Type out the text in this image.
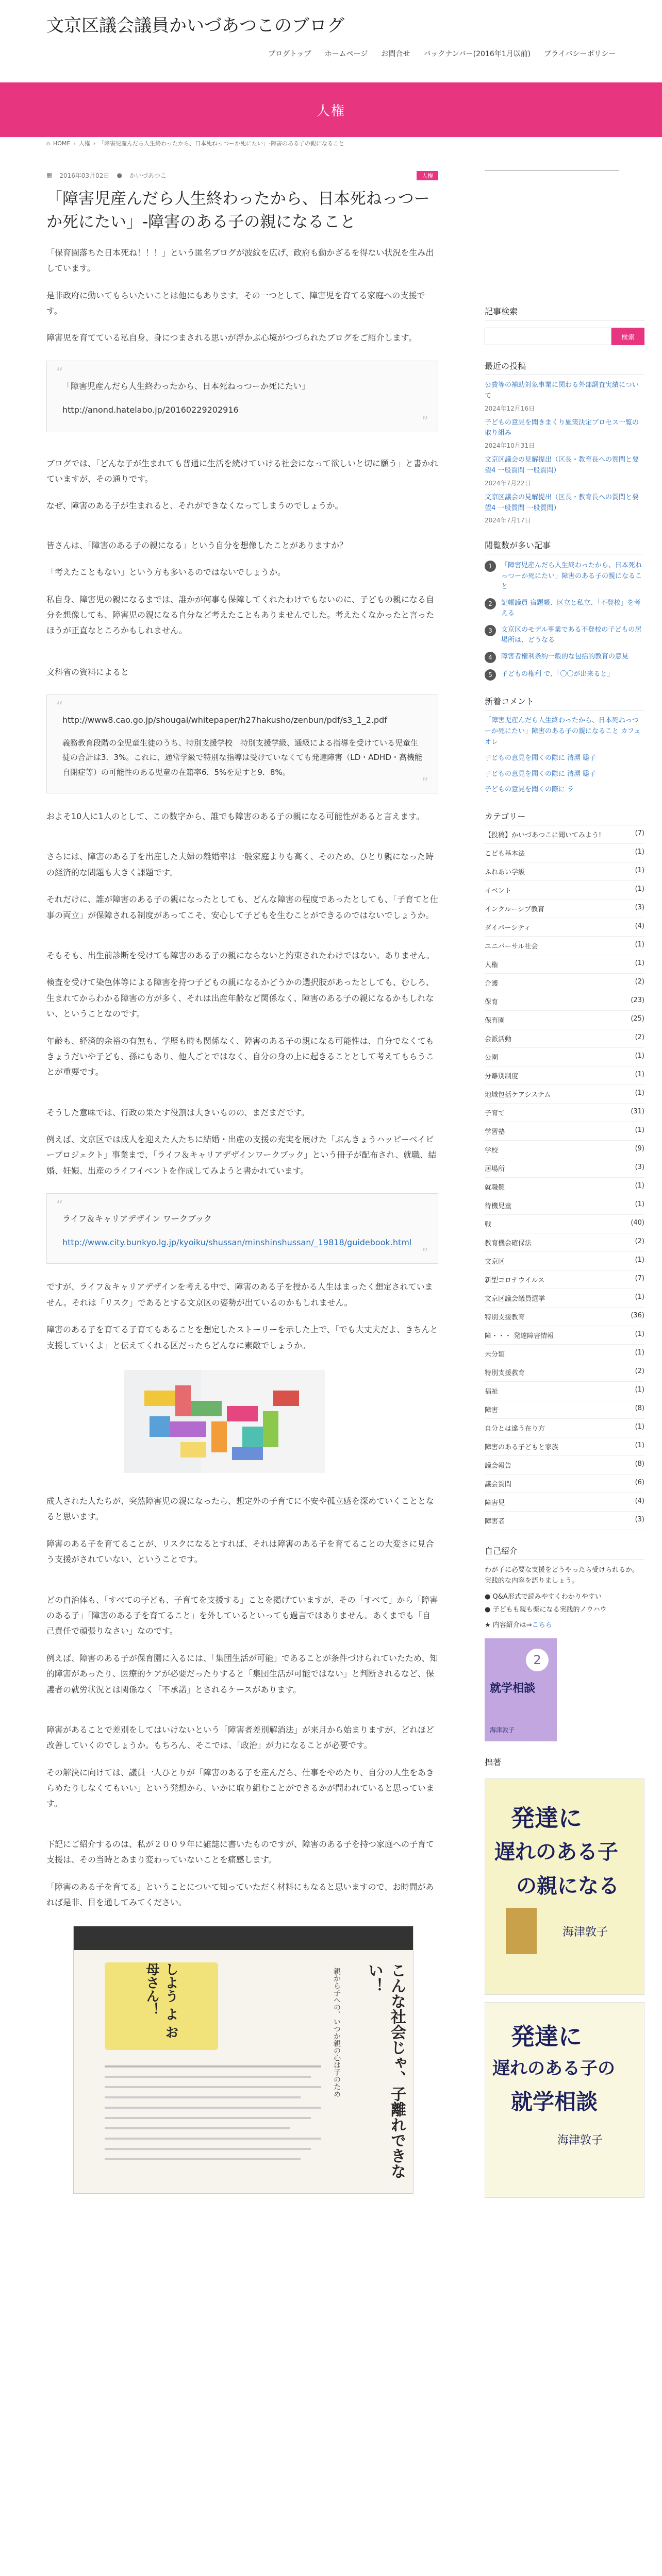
文京区議会議員かいづあつこのブログ
ブログトップ ホームページ お問合せ バックナンバー(2016年1月以前) プライバシーポリシー
人権
⌂ HOME › 人権 › 「障害児産んだら人生終わったから、日本死ねっつーか死にたい」-障害のある子の親になること
▦ 2016年03月02日 ● かいづあつこ	人権
「障害児産んだら人生終わったから、日本死ねっつーか死にたい」-障害のある子の親になること

「保育園落ちた日本死ね！！！」という匿名ブログが波紋を広げ、政府も動かざるを得ない状況を生み出しています。

是非政府に動いてもらいたいことは他にもあります。その一つとして、障害児を育てる家庭への支援です。

障害児を育てている私自身、身につまされる思いが浮かぶ心境がつづられたブログをご紹介します。

“
「障害児産んだら人生終わったから、日本死ねっつーか死にたい」
http://anond.hatelabo.jp/20160229202916
”

ブログでは、「どんな子が生まれても普通に生活を続けていける社会になって欲しいと切に願う」と書かれていますが、その通りです。

なぜ、障害のある子が生まれると、それができなくなってしまうのでしょうか。

皆さんは、「障害のある子の親になる」という自分を想像したことがありますか？

「考えたこともない」という方も多いるのではないでしょうか。

私自身、障害児の親になるまでは、誰かが何事も保障してくれたわけでもないのに、子どもの親になる自分を想像しても、障害児の親になる自分など考えたこともありませんでした。考えたくなかったと言ったほうが正直なところかもしれません。

文科省の資料によると

“
http://www8.cao.go.jp/shougai/whitepaper/h27hakusho/zenbun/pdf/s3_1_2.pdf
義務教育段階の全児童生徒のうち、特別支援学校　特別支援学級、通級による指導を受けている児童生徒の合計は3．3%。これに、通常学級で特別な指導は受けていなくても発達障害（LD・ADHD・高機能自閉症等）の可能性のある児童の在籍率6．5%を足すと9．8%。
”

およそ10人に1人のとして、この数字から、誰でも障害のある子の親になる可能性があると言えます。

さらには、障害のある子を出産した夫婦の離婚率は一般家庭よりも高く、そのため、ひとり親になった時の経済的な問題も大きく課題です。

それだけに、誰が障害のある子の親になったとしても、どんな障害の程度であったとしても、「子育てと仕事の両立」が保障される制度があってこそ、安心して子どもを生むことができるのではないでしょうか。

そもそも、出生前診断を受けても障害のある子の親にならないと約束されたわけではない。ありません。

検査を受けて染色体等による障害を持つ子どもの親になるかどうかの選択肢があったとしても、むしろ、生まれてからわかる障害の方が多く、それは出産年齢など関係なく、障害のある子の親になるかもしれない、ということなのです。

年齢も、経済的余裕の有無も、学歴も時も関係なく、障害のある子の親になる可能性は、自分でなくてもきょうだいや子ども、孫にもあり、他人ごとではなく、自分の身の上に起きることとして考えてもらうことが重要です。

そうした意味では、行政の果たす役割は大きいものの、まだまだです。

例えば、文京区では成人を迎えた人たちに結婚・出産の支援の充実を展けた「ぶんきょうハッピーベイビープロジェクト」事業まで、「ライフ＆キャリアデザインワークブック」という冊子が配布され、就職、結婚、妊娠、出産のライフイベントを作成してみようと書かれています。

“
ライフ＆キャリアデザイン ワークブック
http://www.city.bunkyo.lg.jp/kyoiku/shussan/minshinshussan/_19818/guidebook.html
”

ですが、ライフ＆キャリアデザインを考える中で、障害のある子を授かる人生はまったく想定されていません。それは「リスク」であるとする文京区の姿勢が出ているのかもしれません。

障害のある子を育てる子育てもあることを想定したストーリーを示した上で、「でも大丈夫だよ、きちんと支援していくよ」と伝えてくれる区だったらどんなに素敵でしょうか。

成人された人たちが、突然障害児の親になったら、想定外の子育てに不安や孤立感を深めていくこととなると思います。

障害のある子を育てることが、リスクになるとすれば、それは障害のある子を育てることの大変さに見合う支援がされていない、ということです。

どの自治体も、「すべての子ども、子育てを支援する」ことを掲げていますが、その「すべて」から「障害のある子」「障害のある子を育てること」を外しているといっても過言ではありません。あくまでも「自己責任で頑張りなさい」なのです。

例えば、障害のある子が保育園に入るには、「集団生活が可能」であることが条件づけられていたため、知的障害があったり、医療的ケアが必要だったりすると「集団生活が可能ではない」と判断されるなど、保護者の就労状況とは関係なく「不承諾」とされるケースがあります。

障害があることで差別をしてはいけないという「障害者差別解消法」が来月から始まりますが、どれほど改善していくのでしょうか。もちろん、そこでは、「政治」が力になることが必要です。

その解決に向けては、議員一人ひとりが「障害のある子を産んだら、仕事をやめたり、自分の人生をあきらめたりしなくてもいい」という発想から、いかに取り組むことができるかが問われていると思っています。

下記にご紹介するのは、私が２００９年に雑誌に書いたものですが、障害のある子を持つ家庭への子育て支援は、その当時とあまり変わっていないことを痛感します。

「障害のある子を育てる」ということについて知っていただく材料にもなると思いますので、お時間があれば是非、目を通してみてください。

しよう よ お母さん！	こんな社会じゃ、子離れできない！
親から子への、いつか親の心は子のため
記事検索
検索
最近の投稿
公費等の補助対象事業に関わる外部調査実績について
2024年12月16日
子どもの意見を聞きまくり施策決定プロセス一覧の取り組み
2024年10月31日
文京区議会の見解提出（区長・教育長への質問と要望4 一般質問 一般質問）
2024年7月22日
文京区議会の見解提出（区長・教育長への質問と要望4 一般質問 一般質問）
2024年7月17日
閲覧数が多い記事
1	「障害児産んだら人生終わったから、日本死ねっつーか死にたい」障害のある子の親になること
2	記帳議員 宿題帳、区立と私立、「不登校」を考える
3	文京区のモデル事業である不登校の子どもの居場所は、どうなる
4	障害者権利条約一般的な包括的教育の意見
5	子どもの権利 で、「〇〇が出来ると」
新着コメント
「障害児産んだら人生終わったから、日本死ねっつーか死にたい」障害のある子の親になること カフェオレ
子どもの意見を聞くの際に 清湧 聡子
子どもの意見を聞くの際に 清湧 聡子
子どもの意見を聞くの際に ラ
カテゴリー
【投稿】かいづあつこに聞いてみよう!	(7)
こども基本法	(1)
ふれあい学級	(1)
イベント	(1)
インクルーシブ教育	(3)
ダイバーシティ	(4)
ユニバーサル社会	(1)
人権	(1)
介護	(2)
保育	(23)
保育園	(25)
会派活動	(2)
公園	(1)
分離別制度	(1)
地域包括ケアシステム	(1)
子育て	(31)
学習塾	(1)
学校	(9)
居場所	(3)
就職難	(1)
待機児童	(1)
戦	(40)
教育機会確保法	(2)
文京区	(1)
新型コロナウイルス	(7)
文京区議会議員選挙	(1)
特別支援教育	(36)
障・・・ 発達障害情報	(1)
未分類	(1)
特別支援教育	(2)
福祉	(1)
障害	(8)
自分とは違う在り方	(1)
障害のある子どもと家族	(1)
議会報告	(8)
議会質問	(6)
障害児	(4)
障害者	(3)
自己紹介
わが子に必要な支援をどうやったら受けられるか。実践的な内容を語りましょう。
● Q&A形式で読みやすくわかりやすい
● 子どもも親も楽になる実践的ノウハウ
★ 内容紹介は⇒こちら
就学相談
2
海津敦子
拙著
発達に
遅れのある子
の親になる
海津敦子
発達に
遅れのある子の
就学相談
海津敦子
